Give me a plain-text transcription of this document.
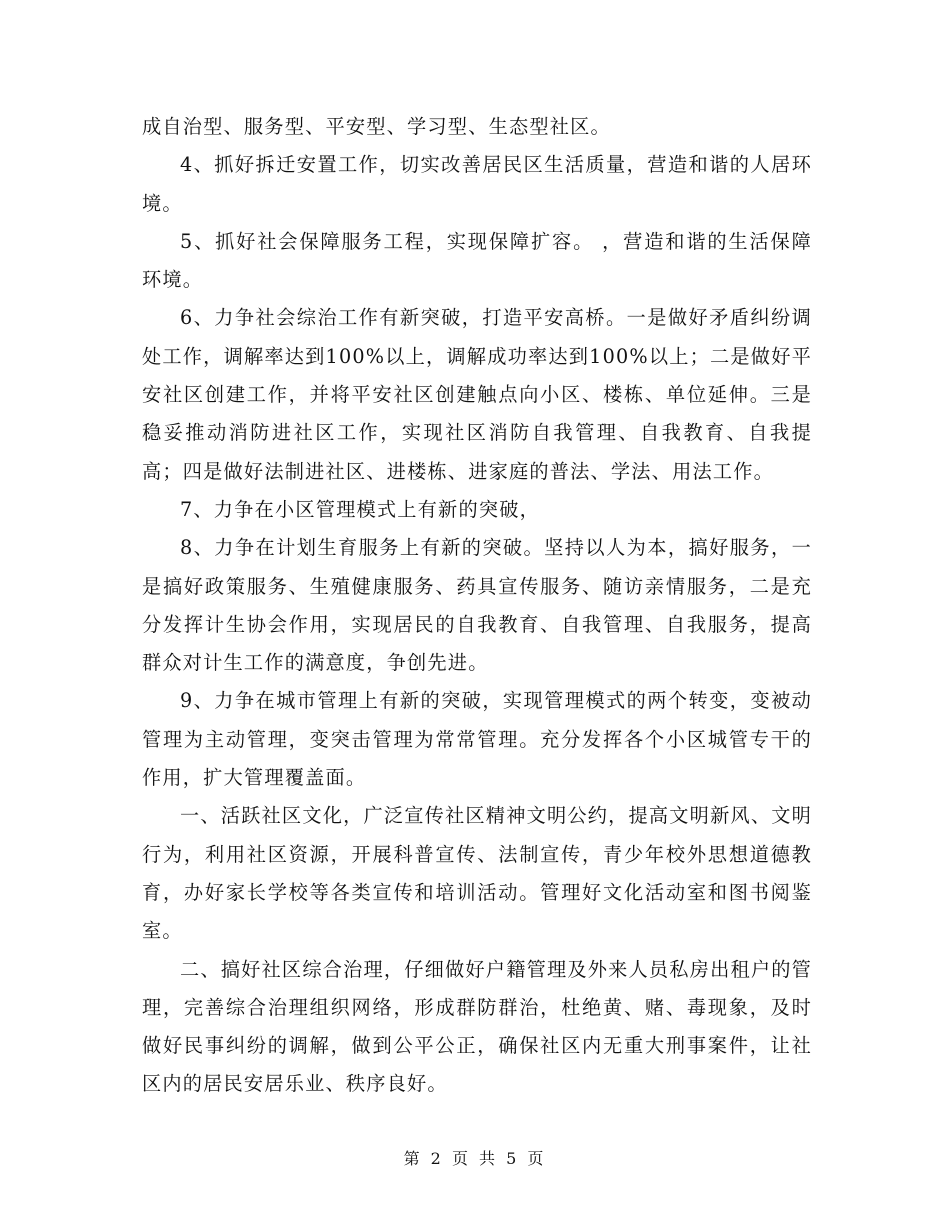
成自治型、服务型、平安型、学习型、生态型社区。

4、抓好拆迁安置工作，切实改善居民区生活质量，营造和谐的人居环境。

5、抓好社会保障服务工程，实现保障扩容。 ，营造和谐的生活保障环境。

6、力争社会综治工作有新突破，打造平安高桥。一是做好矛盾纠纷调处工作，调解率达到100%以上，调解成功率达到100%以上；二是做好平安社区创建工作，并将平安社区创建触点向小区、楼栋、单位延伸。三是稳妥推动消防进社区工作，实现社区消防自我管理、自我教育、自我提高；四是做好法制进社区、进楼栋、进家庭的普法、学法、用法工作。

7、力争在小区管理模式上有新的突破，

8、力争在计划生育服务上有新的突破。坚持以人为本，搞好服务，一是搞好政策服务、生殖健康服务、药具宣传服务、随访亲情服务，二是充分发挥计生协会作用，实现居民的自我教育、自我管理、自我服务，提高群众对计生工作的满意度，争创先进。

9、力争在城市管理上有新的突破，实现管理模式的两个转变，变被动管理为主动管理，变突击管理为常常管理。充分发挥各个小区城管专干的作用，扩大管理覆盖面。

一、活跃社区文化，广泛宣传社区精神文明公约，提高文明新风、文明行为，利用社区资源，开展科普宣传、法制宣传，青少年校外思想道德教育，办好家长学校等各类宣传和培训活动。管理好文化活动室和图书阅鉴室。

二、搞好社区综合治理，仔细做好户籍管理及外来人员私房出租户的管理，完善综合治理组织网络，形成群防群治，杜绝黄、赌、毒现象，及时做好民事纠纷的调解，做到公平公正，确保社区内无重大刑事案件，让社区内的居民安居乐业、秩序良好。

第 2 页 共 5 页
